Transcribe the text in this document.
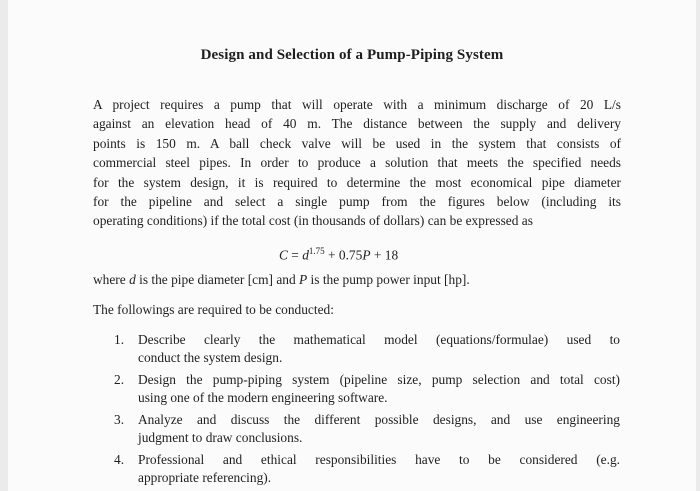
Design and Selection of a Pump-Piping System
A project requires a pump that will operate with a minimum discharge of 20 L/s
against an elevation head of 40 m. The distance between the supply and delivery
points is 150 m. A ball check valve will be used in the system that consists of
commercial steel pipes. In order to produce a solution that meets the specified needs
for the system design, it is required to determine the most economical pipe diameter
for the pipeline and select a single pump from the figures below (including its
operating conditions) if the total cost (in thousands of dollars) can be expressed as
$C = d^{1.75} + 0.75P + 18$
where d is the pipe diameter [cm] and P is the pump power input [hp].
The followings are required to be conducted:
1. Describe clearly the mathematical model (equations/formulae) used to
conduct the system design.
2. Design the pump-piping system (pipeline size, pump selection and total cost)
using one of the modern engineering software.
3. Analyze and discuss the different possible designs, and use engineering
judgment to draw conclusions.
4. Professional and ethical responsibilities have to be considered (e.g.
appropriate referencing).
